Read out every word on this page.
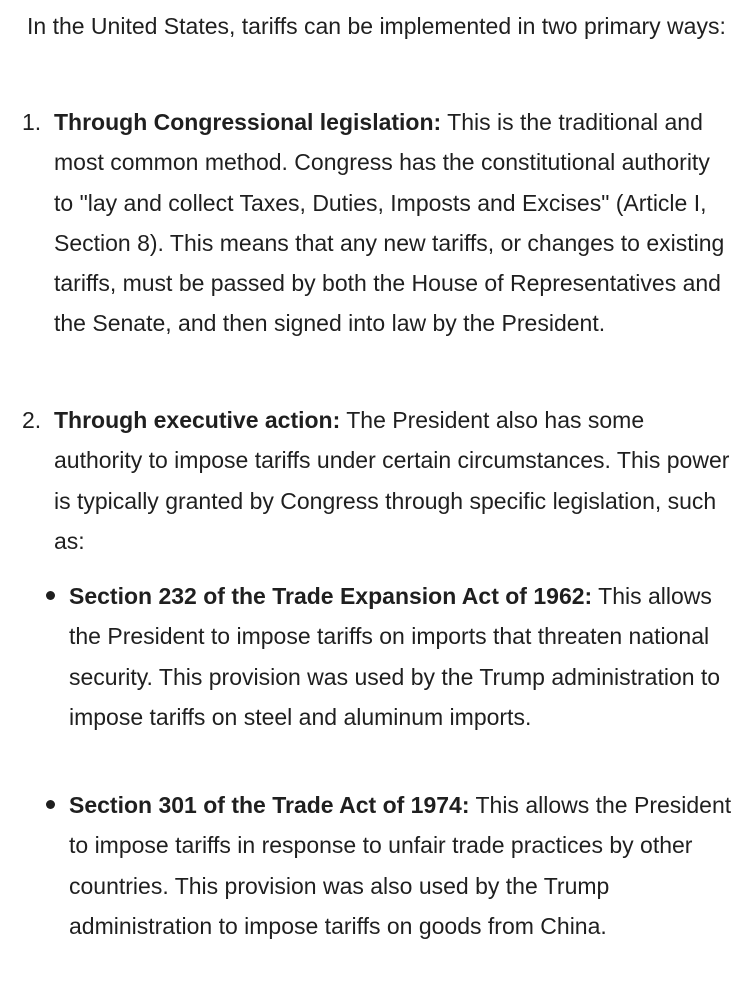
In the United States, tariffs can be implemented in two primary ways:

1. Through Congressional legislation: This is the traditional and most common method. Congress has the constitutional authority to "lay and collect Taxes, Duties, Imposts and Excises" (Article I, Section 8). This means that any new tariffs, or changes to existing tariffs, must be passed by both the House of Representatives and the Senate, and then signed into law by the President.

2. Through executive action: The President also has some authority to impose tariffs under certain circumstances. This power is typically granted by Congress through specific legislation, such as:

Section 232 of the Trade Expansion Act of 1962: This allows the President to impose tariffs on imports that threaten national security. This provision was used by the Trump administration to impose tariffs on steel and aluminum imports.

Section 301 of the Trade Act of 1974: This allows the President to impose tariffs in response to unfair trade practices by other countries. This provision was also used by the Trump administration to impose tariffs on goods from China.
